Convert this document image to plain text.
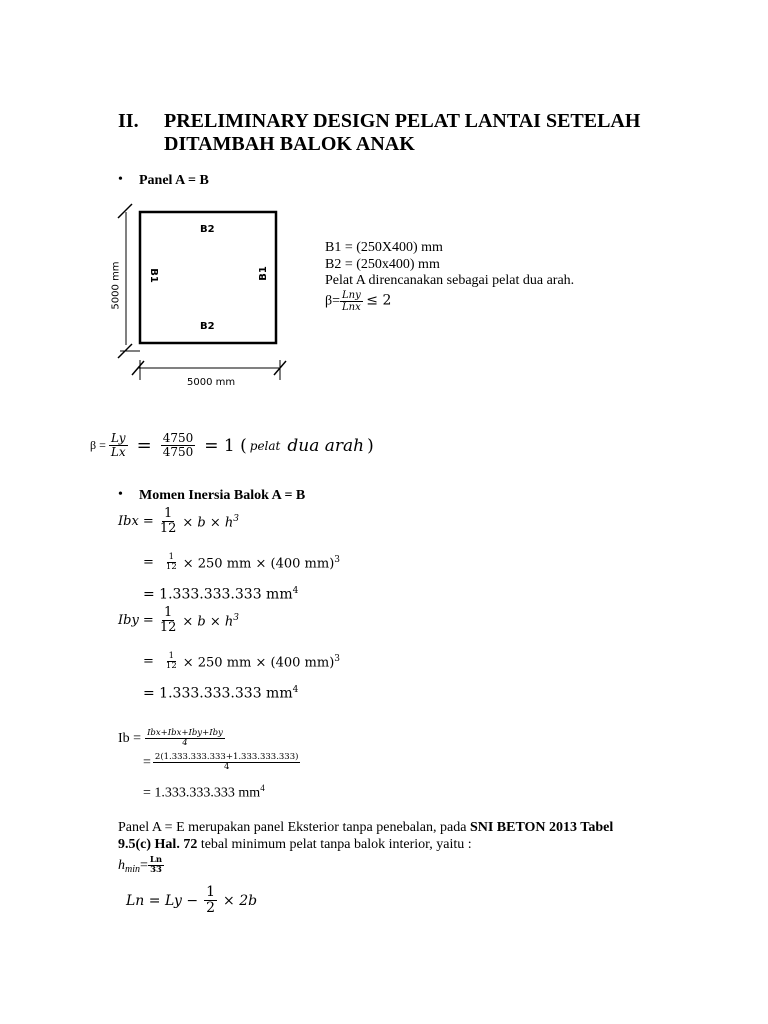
II. PRELIMINARY DESIGN PELAT LANTAI SETELAH
DITAMBAH BALOK ANAK
• Panel A = B
B2
B2
B1	B1
5000 mm
5000 mm
B1 = (250X400) mm
B2 = (250x400) mm
Pelat A direncanakan sebagai pelat dua arah.
$\beta= \frac{\text{Lny}}{\text{Lnx}} \le 2$
$\beta = \frac{Ly}{Lx} = \frac{4750}{4750} = 1$ ( pelat dua arah )
• Momen Inersia Balok A = B
Ibx = $\frac{1}{12} \times b \times h^3$
= $\frac{1}{12} \times 250$ mm × (400 mm)$^3$
= 1.333.333.333 $mm^4$
Iby = $\frac{1}{12} \times b \times h^3$
= $\frac{1}{12} \times 250$ mm × (400 mm)$^3$
= 1.333.333.333 $mm^4$
$Ib = \frac{\text{Ibx+Ibx+Iby+Iby}}{4}$
= $\frac{2(1.333.333.333+1.333.333.333)}{4}$
= 1.333.333.333 $mm^4$
Panel A = E merupakan panel Eksterior tanpa penebalan, pada SNI BETON 2013 Tabel
9.5(c) Hal. 72 tebal minimum pelat tanpa balok interior, yaitu :
h $\min = \frac{Ln}{33}$
$Ln = Ly - \frac{1}{2} \times 2b$
